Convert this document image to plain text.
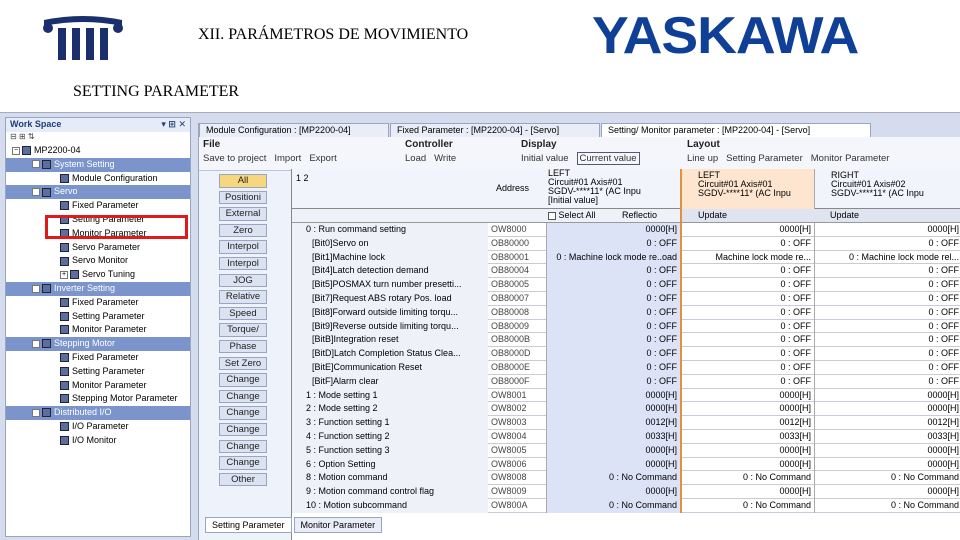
XII. PARÁMETROS DE MOVIMIENTO YASKAWA
SETTING PARAMETER
Work Space	▾ ⊞ ✕
⊟ ⊞ ⇅
− MP2200-04
− System Setting
Module Configuration
− Servo
Fixed Parameter
Setting Parameter
Monitor Parameter
Servo Parameter
Servo Monitor
+ Servo Tuning
− Inverter Setting
Fixed Parameter
Setting Parameter
Monitor Parameter
− Stepping Motor
Fixed Parameter
Setting Parameter
Monitor Parameter
Stepping Motor Parameter
− Distributed I/O
I/O Parameter
I/O Monitor
Module Configuration : [MP2200-04]	Fixed Parameter : [MP2200-04] - [Servo]	Setting/ Monitor parameter : [MP2200-04] - [Servo]
File
Save to project Import Export
Controller
Load Write
Display
Initial value Current value
Layout
Line up Setting Parameter Monitor Parameter
All
Positioni
External
Zero
Interpol
Interpol
JOG
Relative
Speed
Torque/
Phase
Set Zero
Change
Change
Change
Change
Change
Change
Other
1 2
Address
LEFT
Circuit#01 Axis#01
SGDV-****11* (AC Inpu
[Initial value]
LEFT
Circuit#01 Axis#01
SGDV-****11* (AC Inpu
RIGHT
Circuit#01 Axis#02
SGDV-****11* (AC Inpu
Select All	Reflectio	Update	Update
0 : Run command setting	OW8000	0000[H]	0000[H]	0000[H]
[Bit0]Servo on	OB80000	0 : OFF	0 : OFF	0 : OFF
[Bit1]Machine lock	OB80001	0 : Machine lock mode re..oad	Machine lock mode re...	0 : Machine lock mode rel...
[Bit4]Latch detection demand	OB80004	0 : OFF	0 : OFF	0 : OFF
[Bit5]POSMAX turn number presetti...	OB80005	0 : OFF	0 : OFF	0 : OFF
[Bit7]Request ABS rotary Pos. load	OB80007	0 : OFF	0 : OFF	0 : OFF
[Bit8]Forward outside limiting torqu...	OB80008	0 : OFF	0 : OFF	0 : OFF
[Bit9]Reverse outside limiting torqu...	OB80009	0 : OFF	0 : OFF	0 : OFF
[BitB]Integration reset	OB8000B	0 : OFF	0 : OFF	0 : OFF
[BitD]Latch Completion Status Clea...	OB8000D	0 : OFF	0 : OFF	0 : OFF
[BitE]Communication Reset	OB8000E	0 : OFF	0 : OFF	0 : OFF
[BitF]Alarm clear	OB8000F	0 : OFF	0 : OFF	0 : OFF
1 : Mode setting 1	OW8001	0000[H]	0000[H]	0000[H]
2 : Mode setting 2	OW8002	0000[H]	0000[H]	0000[H]
3 : Function setting 1	OW8003	0012[H]	0012[H]	0012[H]
4 : Function setting 2	OW8004	0033[H]	0033[H]	0033[H]
5 : Function setting 3	OW8005	0000[H]	0000[H]	0000[H]
6 : Option Setting	OW8006	0000[H]	0000[H]	0000[H]
8 : Motion command	OW8008	0 : No Command	0 : No Command	0 : No Command
9 : Motion command control flag	OW8009	0000[H]	0000[H]	0000[H]
10 : Motion subcommand	OW800A	0 : No Command	0 : No Command	0 : No Command
Setting Parameter	Monitor Parameter
